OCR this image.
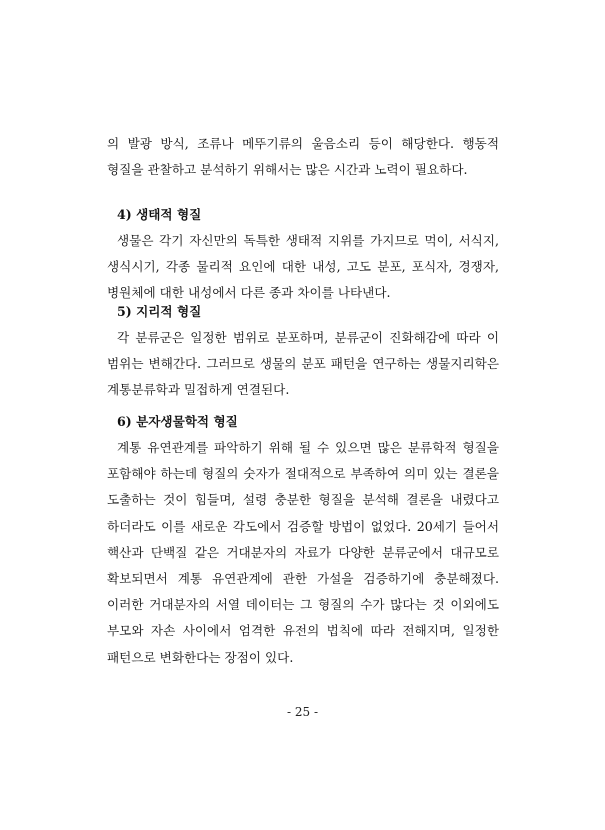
의 발광 방식, 조류나 메뚜기류의 울음소리 등이 해당한다. 행동적 형질을 관찰하고 분석하기 위해서는 많은 시간과 노력이 필요하다.

4) 생태적 형질

생물은 각기 자신만의 독특한 생태적 지위를 가지므로 먹이, 서식지, 생식시기, 각종 물리적 요인에 대한 내성, 고도 분포, 포식자, 경쟁자, 병원체에 대한 내성에서 다른 종과 차이를 나타낸다.

5) 지리적 형질

각 분류군은 일정한 범위로 분포하며, 분류군이 진화해감에 따라 이 범위는 변해간다. 그러므로 생물의 분포 패턴을 연구하는 생물지리학은 계통분류학과 밀접하게 연결된다.

6) 분자생물학적 형질

계통 유연관계를 파악하기 위해 될 수 있으면 많은 분류학적 형질을 포함해야 하는데 형질의 숫자가 절대적으로 부족하여 의미 있는 결론을 도출하는 것이 힘들며, 설령 충분한 형질을 분석해 결론을 내렸다고 하더라도 이를 새로운 각도에서 검증할 방법이 없었다. 20세기 들어서 핵산과 단백질 같은 거대분자의 자료가 다양한 분류군에서 대규모로 확보되면서 계통 유연관계에 관한 가설을 검증하기에 충분해졌다. 이러한 거대분자의 서열 데이터는 그 형질의 수가 많다는 것 이외에도 부모와 자손 사이에서 엄격한 유전의 법칙에 따라 전해지며, 일정한 패턴으로 변화한다는 장점이 있다.

- 25 -
